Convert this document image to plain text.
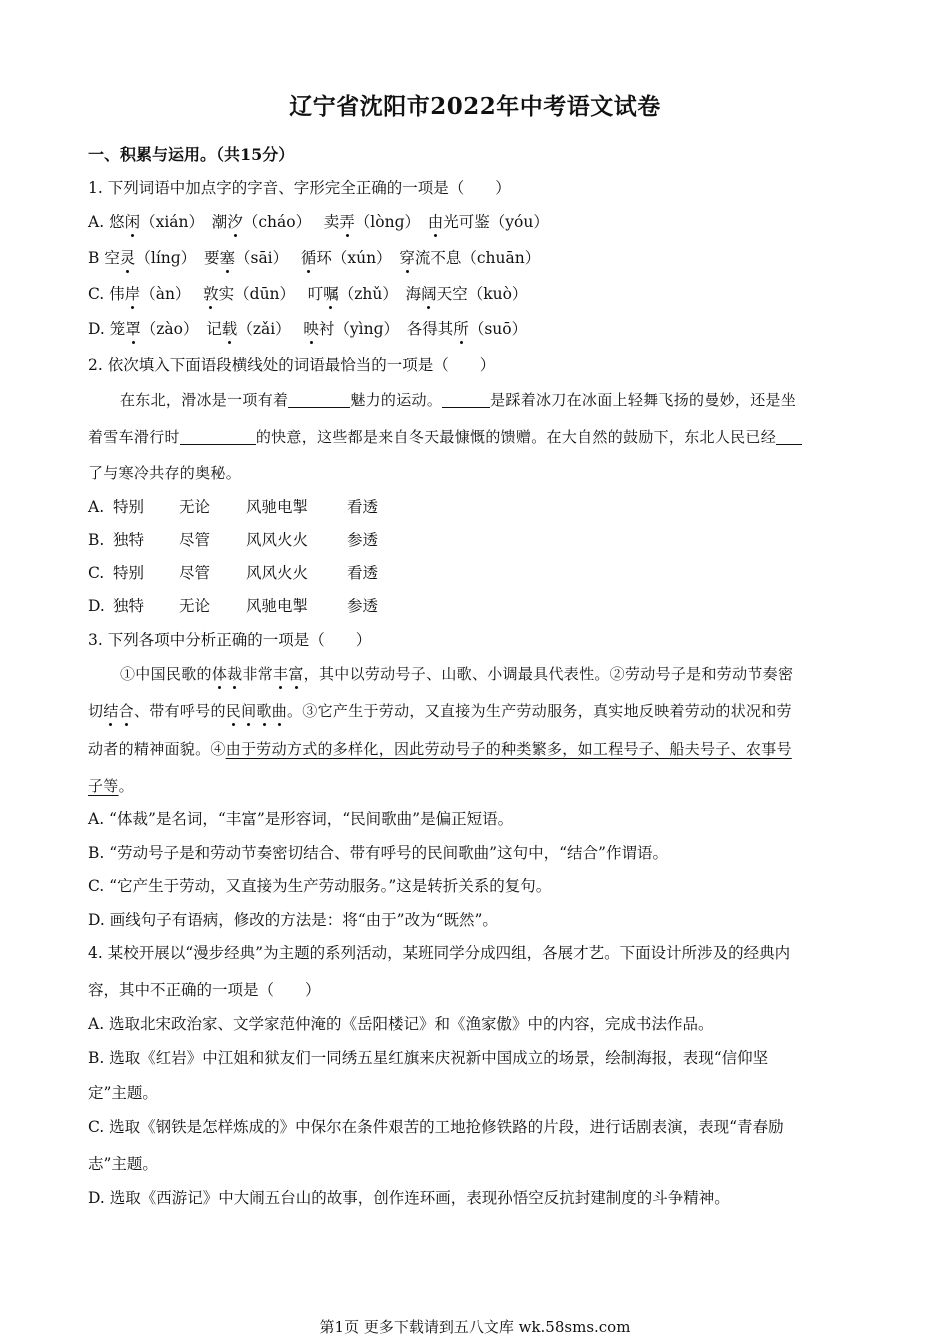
辽宁省沈阳市2022年中考语文试卷
一、积累与运用。（共15分）
1. 下列词语中加点字的字音、字形完全正确的一项是（　　）
A. 悠闲（xián）　 潮汐（cháo）　 卖弄（lònɡ）　 由光可鉴（yóu）
B 空灵（línɡ）　 要塞（sāi）　 循环（xún）　 穿流不息（chuān）
C. 伟岸（àn）　 敦实（dūn）　 叮嘱（zhǔ）　 海阔天空（kuò）
D. 笼罩（zào）　 记载（zǎi）　 映衬（yìnɡ）　 各得其所（suō）
2. 依次填入下面语段横线处的词语最恰当的一项是（　　）
在东北，滑冰是一项有着	魅力的运动。	是踩着冰刀在冰面上轻舞飞扬的曼妙，还是坐
着雪车滑行时	的快意，这些都是来自冬天最慷慨的馈赠。在大自然的鼓励下，东北人民已经
了与寒冷共存的奥秘。
A. 特别 无论 风驰电掣	看透
B. 独特 尽管 风风火火	参透
C. 特别 尽管 风风火火	看透
D. 独特 无论 风驰电掣	参透
3. 下列各项中分析正确的一项是（　　）
①中国民歌的体裁非常丰富，其中以劳动号子、山歌、小调最具代表性。②劳动号子是和劳动节奏密
切结合、带有呼号的民间歌曲。③它产生于劳动，又直接为生产劳动服务，真实地反映着劳动的状况和劳
动者的精神面貌。④由于劳动方式的多样化，因此劳动号子的种类繁多，如工程号子、船夫号子、农事号
子等。
A. “体裁”是名词，“丰富”是形容词，“民间歌曲”是偏正短语。
B. “劳动号子是和劳动节奏密切结合、带有呼号的民间歌曲”这句中，“结合”作谓语。
C. “它产生于劳动，又直接为生产劳动服务。”这是转折关系的复句。
D. 画线句子有语病，修改的方法是：将“由于”改为“既然”。
4. 某校开展以“漫步经典”为主题的系列活动，某班同学分成四组，各展才艺。下面设计所涉及的经典内
容，其中不正确的一项是（　　）
A. 选取北宋政治家、文学家范仲淹的《岳阳楼记》和《渔家傲》中的内容，完成书法作品。
B. 选取《红岩》中江姐和狱友们一同绣五星红旗来庆祝新中国成立的场景，绘制海报，表现“信仰坚
定”主题。
C. 选取《钢铁是怎样炼成的》中保尔在条件艰苦的工地抢修铁路的片段，进行话剧表演，表现“青春励
志”主题。
D. 选取《西游记》中大闹五台山的故事，创作连环画，表现孙悟空反抗封建制度的斗争精神。
第1页 更多下载请到五八文库 wk.58sms.com
